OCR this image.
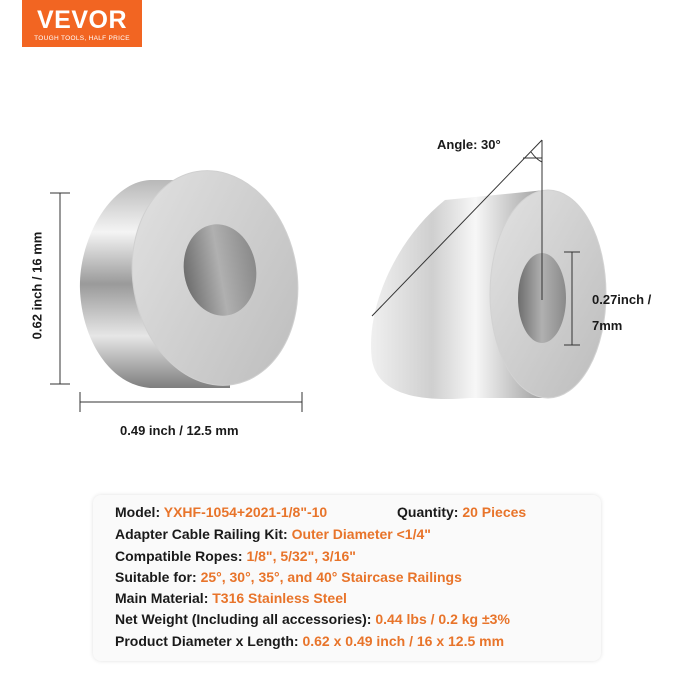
VEVOR
TOUGH TOOLS, HALF PRICE
0.62 inch / 16 mm
0.49 inch / 12.5 mm
Angle: 30°
0.27inch /
7mm
Model: YXHF-1054+2021-1/8"-10	Quantity: 20 Pieces
Adapter Cable Railing Kit: Outer Diameter <1/4"
Compatible Ropes: 1/8", 5/32", 3/16"
Suitable for: 25°, 30°, 35°, and 40° Staircase Railings
Main Material: T316 Stainless Steel
Net Weight (Including all accessories): 0.44 lbs / 0.2 kg ±3%
Product Diameter x Length: 0.62 x 0.49 inch / 16 x 12.5 mm
